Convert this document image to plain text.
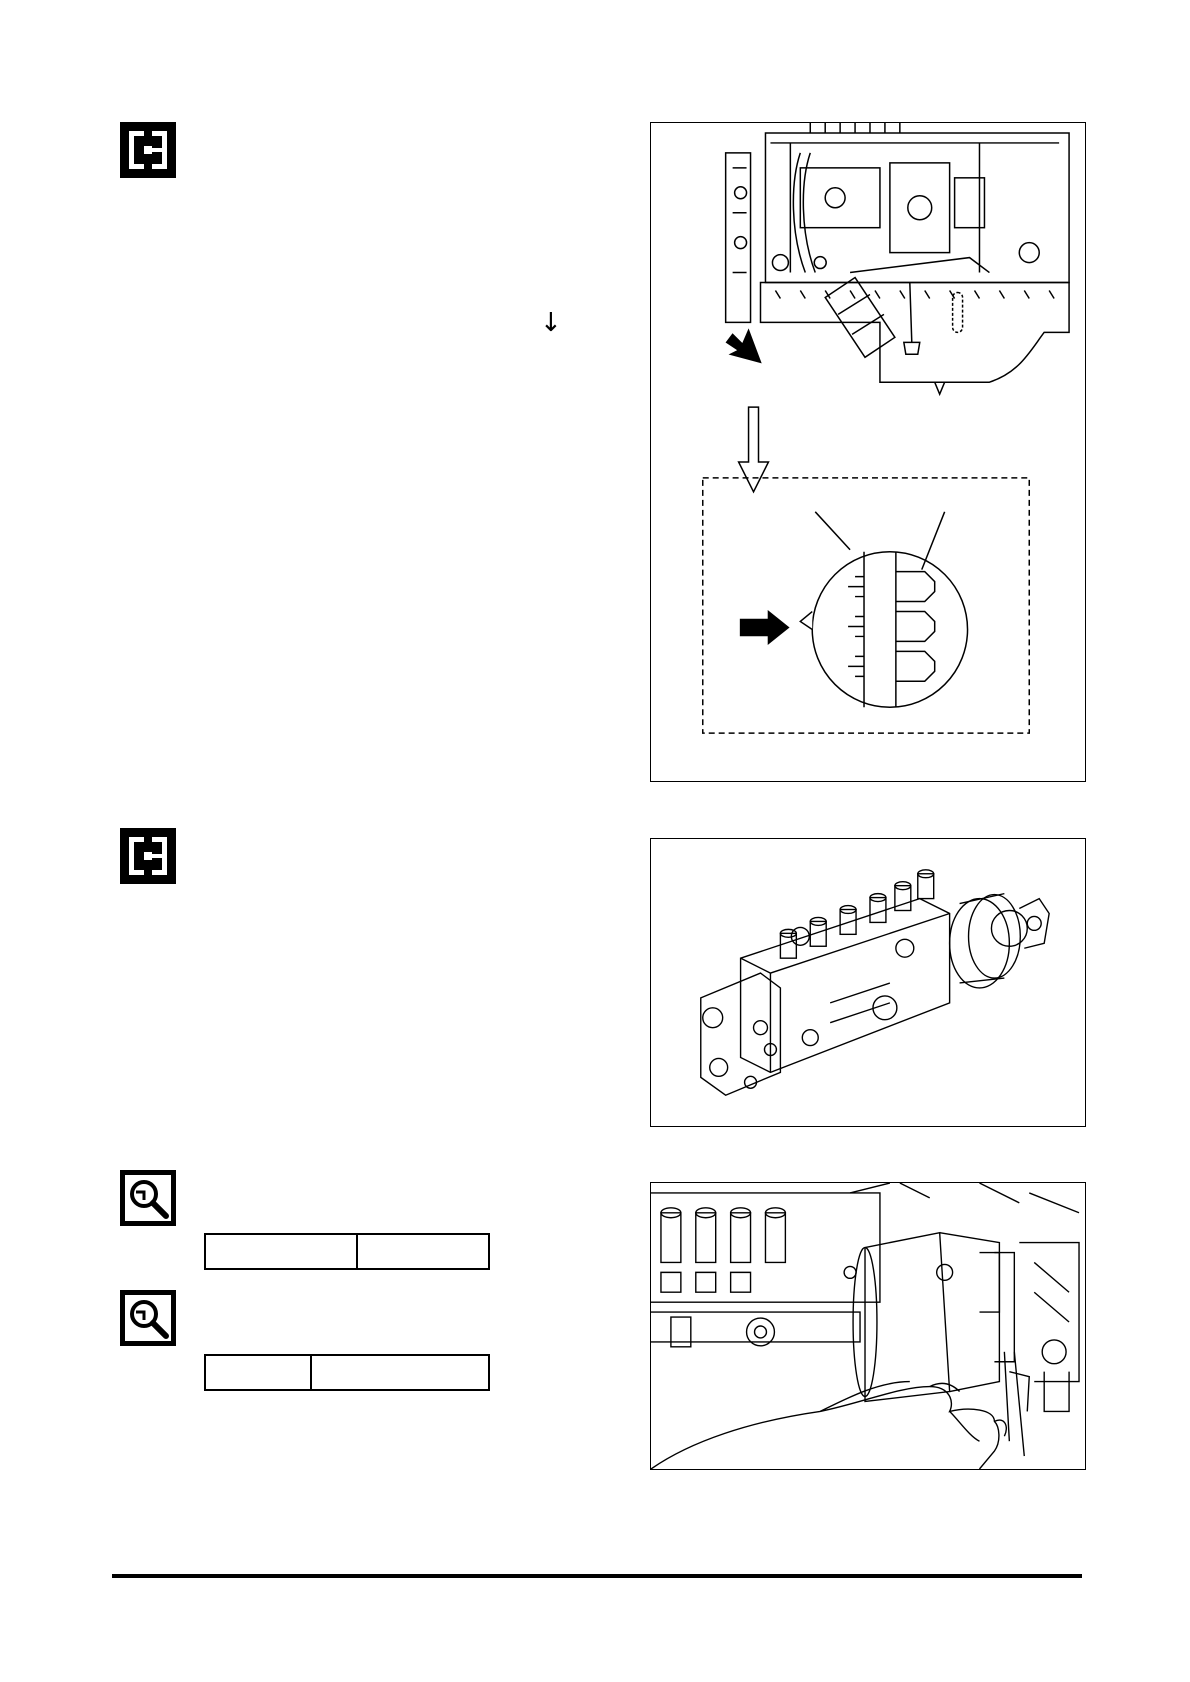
↓
